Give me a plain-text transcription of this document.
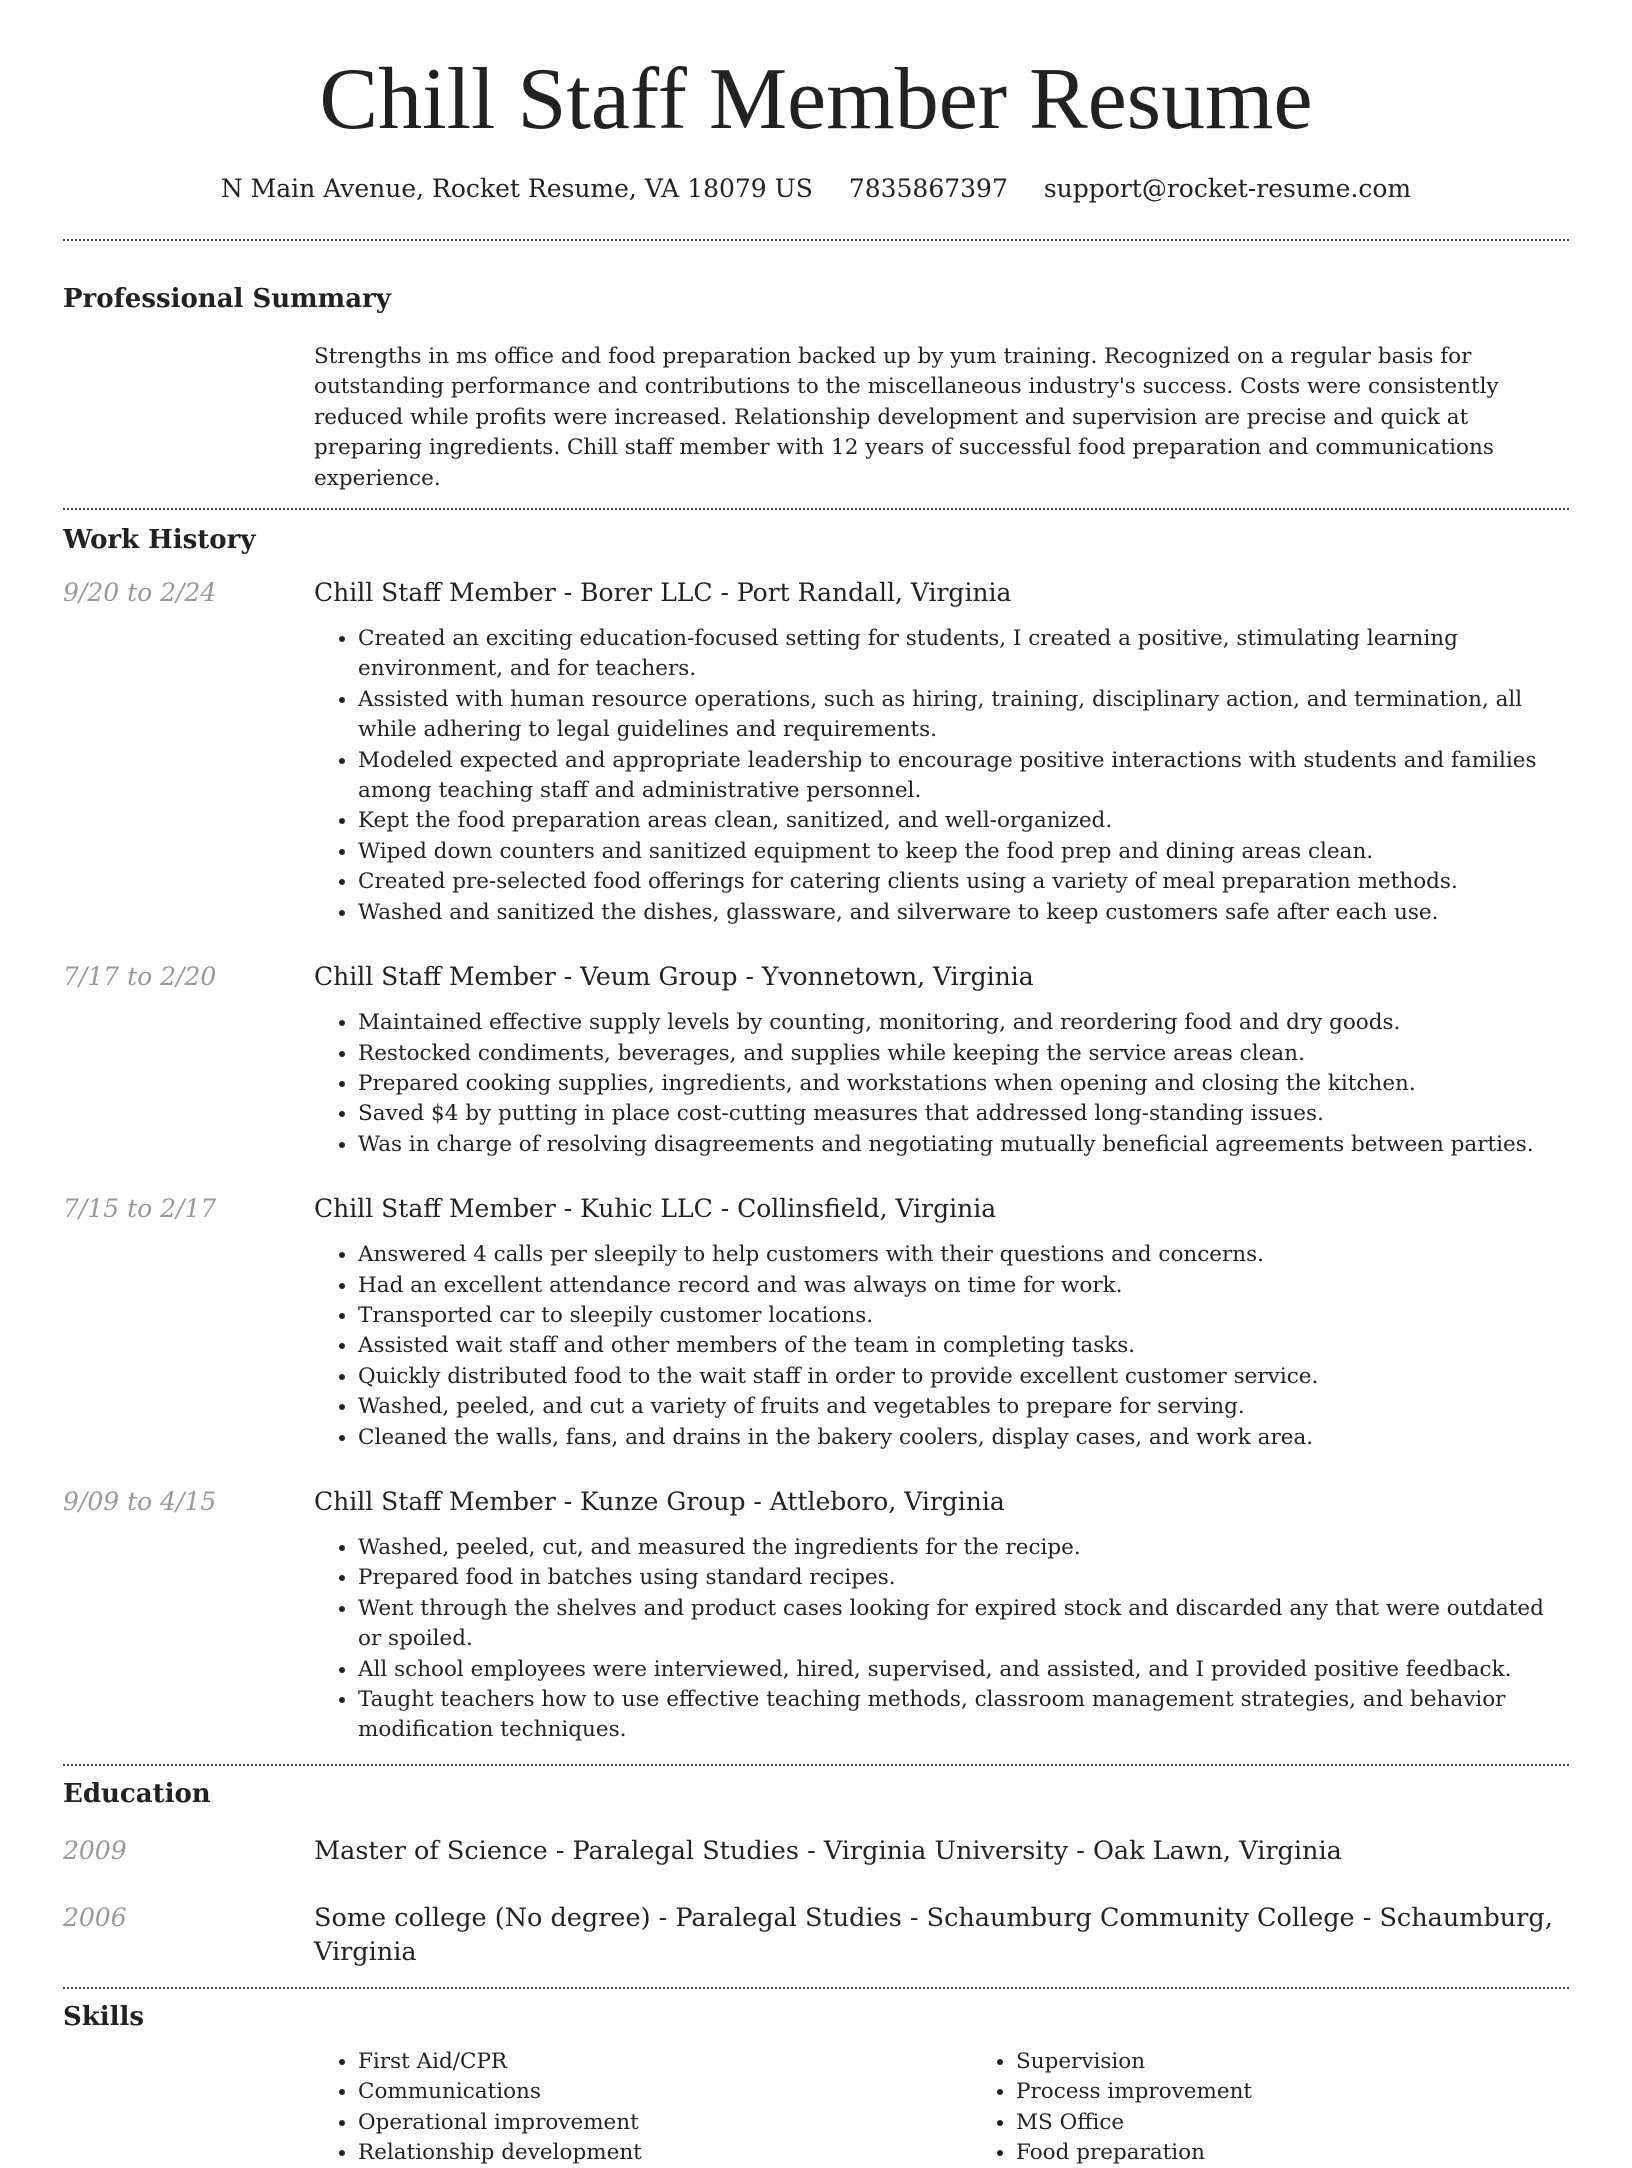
Chill Staff Member Resume
N Main Avenue, Rocket Resume, VA 18079 US 7835867397 support@rocket-resume.com
Professional Summary
Strengths in ms office and food preparation backed up by yum training. Recognized on a regular basis for outstanding performance and contributions to the miscellaneous industry's success. Costs were consistently reduced while profits were increased. Relationship development and supervision are precise and quick at preparing ingredients. Chill staff member with 12 years of successful food preparation and communications experience.
Work History
9/20 to 2/24	Chill Staff Member - Borer LLC - Port Randall, Virginia
• Created an exciting education-focused setting for students, I created a positive, stimulating learning environment, and for teachers.
• Assisted with human resource operations, such as hiring, training, disciplinary action, and termination, all while adhering to legal guidelines and requirements.
• Modeled expected and appropriate leadership to encourage positive interactions with students and families among teaching staff and administrative personnel.
• Kept the food preparation areas clean, sanitized, and well-organized.
• Wiped down counters and sanitized equipment to keep the food prep and dining areas clean.
• Created pre-selected food offerings for catering clients using a variety of meal preparation methods.
• Washed and sanitized the dishes, glassware, and silverware to keep customers safe after each use.
7/17 to 2/20	Chill Staff Member - Veum Group - Yvonnetown, Virginia
• Maintained effective supply levels by counting, monitoring, and reordering food and dry goods.
• Restocked condiments, beverages, and supplies while keeping the service areas clean.
• Prepared cooking supplies, ingredients, and workstations when opening and closing the kitchen.
• Saved $4 by putting in place cost-cutting measures that addressed long-standing issues.
• Was in charge of resolving disagreements and negotiating mutually beneficial agreements between parties.
7/15 to 2/17	Chill Staff Member - Kuhic LLC - Collinsfield, Virginia
• Answered 4 calls per sleepily to help customers with their questions and concerns.
• Had an excellent attendance record and was always on time for work.
• Transported car to sleepily customer locations.
• Assisted wait staff and other members of the team in completing tasks.
• Quickly distributed food to the wait staff in order to provide excellent customer service.
• Washed, peeled, and cut a variety of fruits and vegetables to prepare for serving.
• Cleaned the walls, fans, and drains in the bakery coolers, display cases, and work area.
9/09 to 4/15	Chill Staff Member - Kunze Group - Attleboro, Virginia
• Washed, peeled, cut, and measured the ingredients for the recipe.
• Prepared food in batches using standard recipes.
• Went through the shelves and product cases looking for expired stock and discarded any that were outdated or spoiled.
• All school employees were interviewed, hired, supervised, and assisted, and I provided positive feedback.
• Taught teachers how to use effective teaching methods, classroom management strategies, and behavior modification techniques.
Education
2009	Master of Science - Paralegal Studies - Virginia University - Oak Lawn, Virginia
2006	Some college (No degree) - Paralegal Studies - Schaumburg Community College - Schaumburg, Virginia
Skills
• First Aid/CPR
• Communications
• Operational improvement
• Relationship development
• Supervision
• Process improvement
• MS Office
• Food preparation
